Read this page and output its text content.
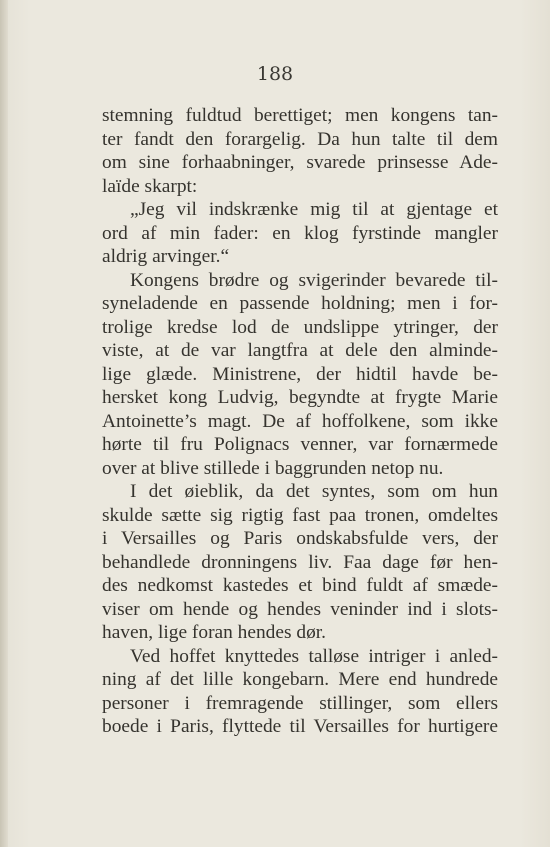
188
stemning fuldtud berettiget; men kongens tan-
ter fandt den forargelig. Da hun talte til dem
om sine forhaabninger, svarede prinsesse Ade-
laïde skarpt:
„Jeg vil indskrænke mig til at gjentage et
ord af min fader: en klog fyrstinde mangler
aldrig arvinger.“
Kongens brødre og svigerinder bevarede til-
syneladende en passende holdning; men i for-
trolige kredse lod de undslippe ytringer, der
viste, at de var langtfra at dele den alminde-
lige glæde. Ministrene, der hidtil havde be-
hersket kong Ludvig, begyndte at frygte Marie
Antoinette’s magt. De af hoffolkene, som ikke
hørte til fru Polignacs venner, var fornærmede
over at blive stillede i baggrunden netop nu.
I det øieblik, da det syntes, som om hun
skulde sætte sig rigtig fast paa tronen, omdeltes
i Versailles og Paris ondskabsfulde vers, der
behandlede dronningens liv. Faa dage før hen-
des nedkomst kastedes et bind fuldt af smæde-
viser om hende og hendes veninder ind i slots-
haven, lige foran hendes dør.
Ved hoffet knyttedes talløse intriger i anled-
ning af det lille kongebarn. Mere end hundrede
personer i fremragende stillinger, som ellers
boede i Paris, flyttede til Versailles for hurtigere
